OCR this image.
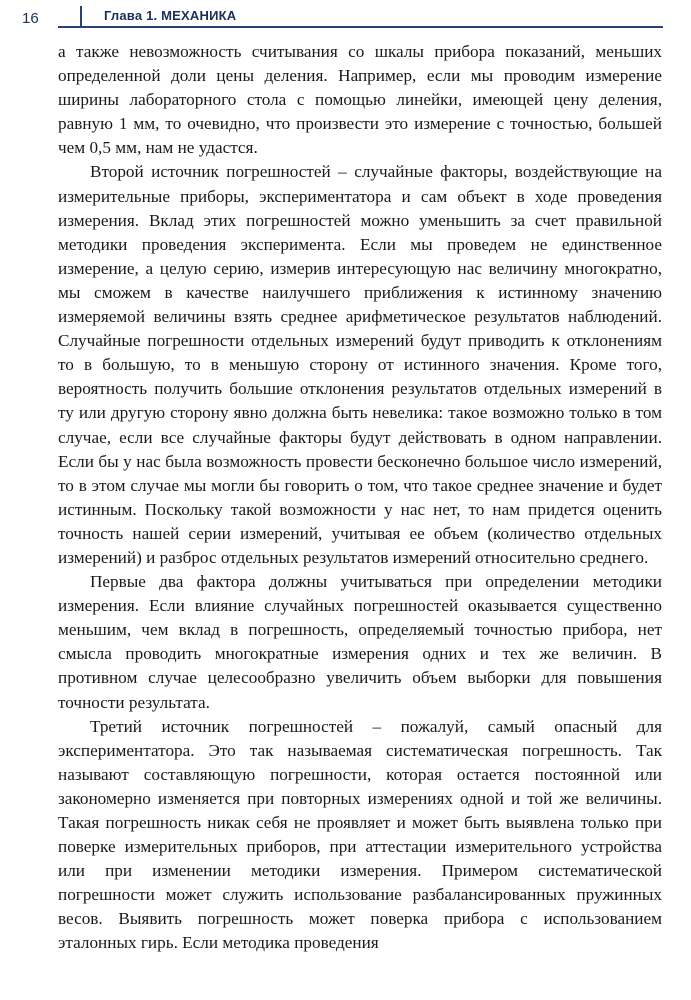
16	Глава 1. МЕХАНИКА

а также невозможность считывания со шкалы прибора показаний, меньших определенной доли цены деления. Например, если мы проводим измерение ширины лабораторного стола с помощью линейки, имеющей цену деления, равную 1 мм, то очевидно, что произвести это измерение с точностью, большей чем 0,5 мм, нам не удастся.

Второй источник погрешностей – случайные факторы, воздействующие на измерительные приборы, экспериментатора и сам объект в ходе проведения измерения. Вклад этих погрешностей можно уменьшить за счет правильной методики проведения эксперимента. Если мы проведем не единственное измерение, а целую серию, измерив интересующую нас величину многократно, мы сможем в качестве наилучшего приближения к истинному значению измеряемой величины взять среднее арифметическое результатов наблюдений. Случайные погрешности отдельных измерений будут приводить к отклонениям то в большую, то в меньшую сторону от истинного значения. Кроме того, вероятность получить большие отклонения результатов отдельных измерений в ту или другую сторону явно должна быть невелика: такое возможно только в том случае, если все случайные факторы будут действовать в одном направлении. Если бы у нас была возможность провести бесконечно большое число измерений, то в этом случае мы могли бы говорить о том, что такое среднее значение и будет истинным. Поскольку такой возможности у нас нет, то нам придется оценить точность нашей серии измерений, учитывая ее объем (количество отдельных измерений) и разброс отдельных результатов измерений относительно среднего.

Первые два фактора должны учитываться при определении методики измерения. Если влияние случайных погрешностей оказывается существенно меньшим, чем вклад в погрешность, определяемый точностью прибора, нет смысла проводить многократные измерения одних и тех же величин. В противном случае целесообразно увеличить объем выборки для повышения точности результата.

Третий источник погрешностей – пожалуй, самый опасный для экспериментатора. Это так называемая систематическая погрешность. Так называют составляющую погрешности, которая остается постоянной или закономерно изменяется при повторных измерениях одной и той же величины. Такая погрешность никак себя не проявляет и может быть выявлена только при поверке измерительных приборов, при аттестации измерительного устройства или при изменении методики измерения. Примером систематической погрешности может служить использование разбалансированных пружинных весов. Выявить погрешность может поверка прибора с использованием эталонных гирь. Если методика проведения
